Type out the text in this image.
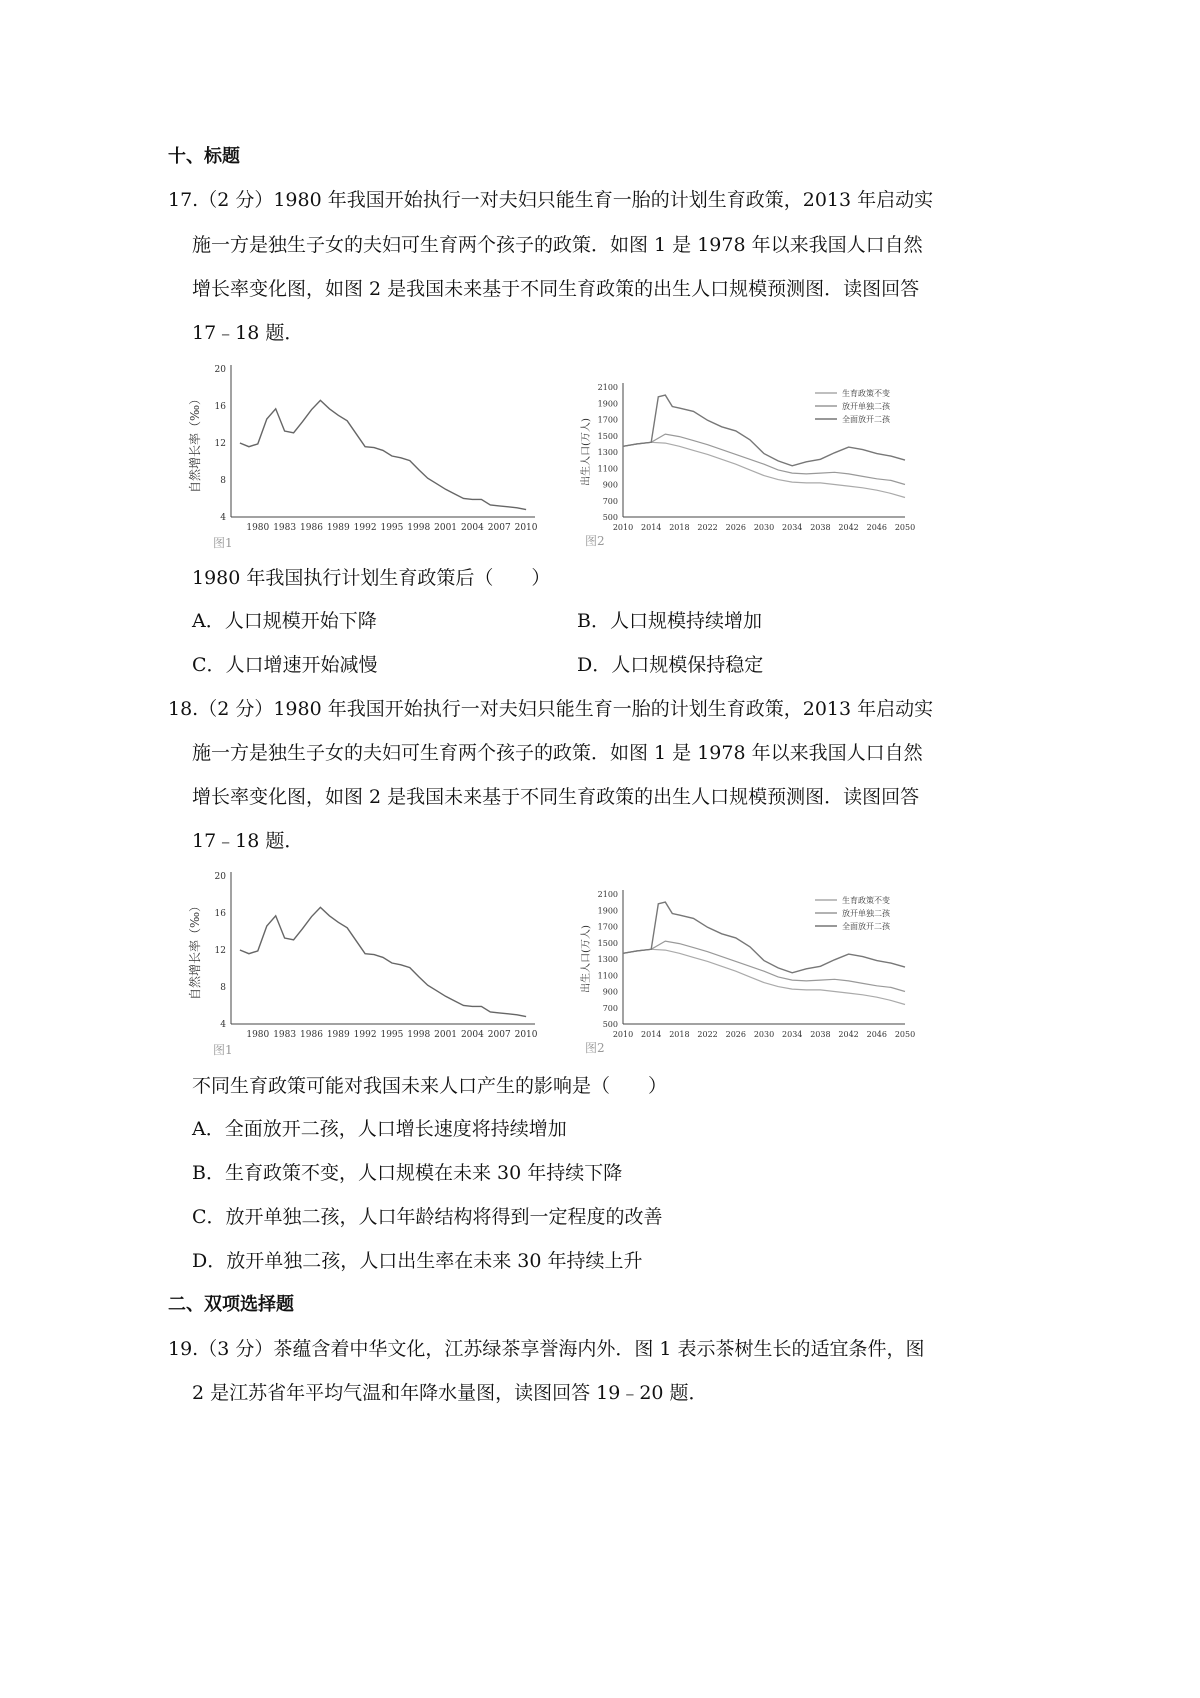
十、标题
17.（2 分）1980 年我国开始执行一对夫妇只能生育一胎的计划生育政策，2013 年启动实
施一方是独生子女的夫妇可生育两个孩子的政策．如图 1 是 1978 年以来我国人口自然
增长率变化图，如图 2 是我国未来基于不同生育政策的出生人口规模预测图．读图回答
17﹣18 题．
20
16
12
8
4
1980 1983 1986 1989 1992 1995 1998 2001 2004 2007 2010
自然增长率（‰）
图1
2100
1900
1700
1500
1300
1100
900
700
500
2010 2014 2018 2022 2026 2030 2034 2038 2042 2046 2050
出生人口(万人)
图2
生育政策不变
放开单独二孩
全面放开二孩
1980 年我国执行计划生育政策后（　　）
A．人口规模开始下降	B．人口规模持续增加
C．人口增速开始减慢	D．人口规模保持稳定
18.（2 分）1980 年我国开始执行一对夫妇只能生育一胎的计划生育政策，2013 年启动实
施一方是独生子女的夫妇可生育两个孩子的政策．如图 1 是 1978 年以来我国人口自然
增长率变化图，如图 2 是我国未来基于不同生育政策的出生人口规模预测图．读图回答
17﹣18 题．
20
16
12
8
4
1980 1983 1986 1989 1992 1995 1998 2001 2004 2007 2010
自然增长率（‰）
图1
2100
1900
1700
1500
1300
1100
900
700
500
2010 2014 2018 2022 2026 2030 2034 2038 2042 2046 2050
出生人口(万人)
图2
生育政策不变
放开单独二孩
全面放开二孩
不同生育政策可能对我国未来人口产生的影响是（　　）
A．全面放开二孩，人口增长速度将持续增加
B．生育政策不变，人口规模在未来 30 年持续下降
C．放开单独二孩，人口年龄结构将得到一定程度的改善
D．放开单独二孩，人口出生率在未来 30 年持续上升
二、双项选择题
19.（3 分）茶蕴含着中华文化，江苏绿茶享誉海内外．图 1 表示茶树生长的适宜条件，图
2 是江苏省年平均气温和年降水量图，读图回答 19﹣20 题．
